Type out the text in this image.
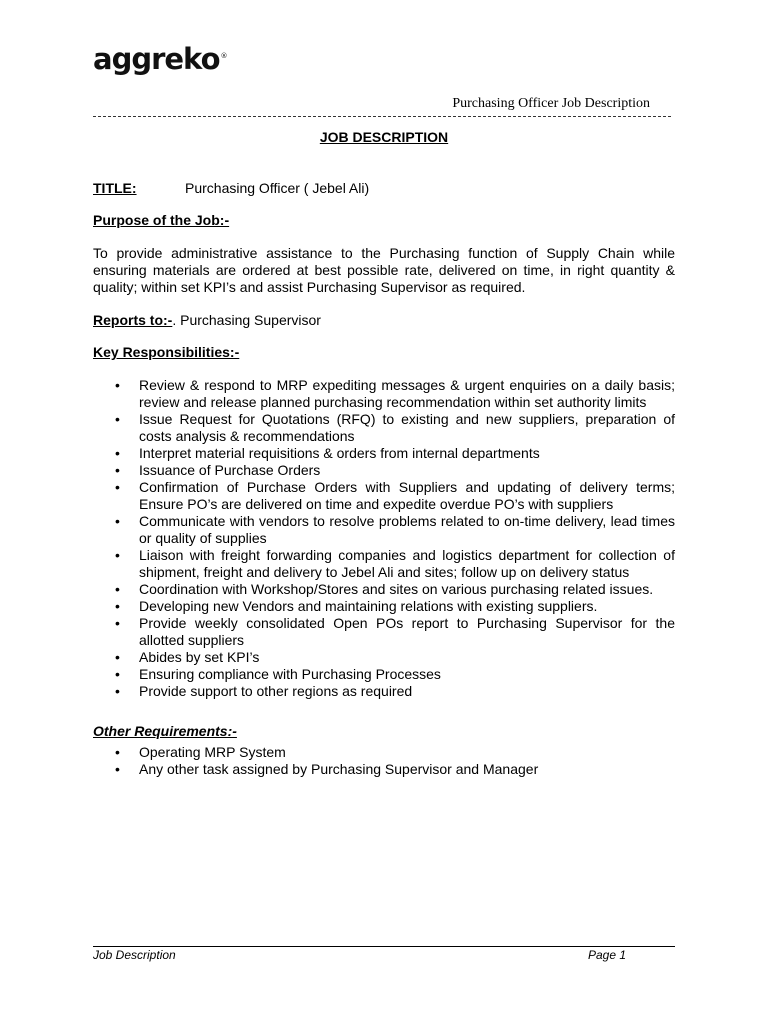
aggreko®
Purchasing Officer Job Description
JOB DESCRIPTION

TITLE:	Purchasing Officer ( Jebel Ali)

Purpose of the Job:-

To provide administrative assistance to the Purchasing function of Supply Chain while ensuring materials are ordered at best possible rate, delivered on time, in right quantity & quality; within set KPI’s and assist Purchasing Supervisor as required.

Reports to:-. Purchasing Supervisor

Key Responsibilities:-
• Review & respond to MRP expediting messages & urgent enquiries on a daily basis; review and release planned purchasing recommendation within set authority limits
• Issue Request for Quotations (RFQ) to existing and new suppliers, preparation of costs analysis & recommendations
• Interpret material requisitions & orders from internal departments
• Issuance of Purchase Orders
• Confirmation of Purchase Orders with Suppliers and updating of delivery terms; Ensure PO’s are delivered on time and expedite overdue PO’s with suppliers
• Communicate with vendors to resolve problems related to on-time delivery, lead times or quality of supplies
• Liaison with freight forwarding companies and logistics department for collection of shipment, freight and delivery to Jebel Ali and sites; follow up on delivery status
• Coordination with Workshop/Stores and sites on various purchasing related issues.
• Developing new Vendors and maintaining relations with existing suppliers.
• Provide weekly consolidated Open POs report to Purchasing Supervisor for the allotted suppliers
• Abides by set KPI’s
• Ensuring compliance with Purchasing Processes
• Provide support to other regions as required
Other Requirements:-
• Operating MRP System
• Any other task assigned by Purchasing Supervisor and Manager
Job Description	Page 1
